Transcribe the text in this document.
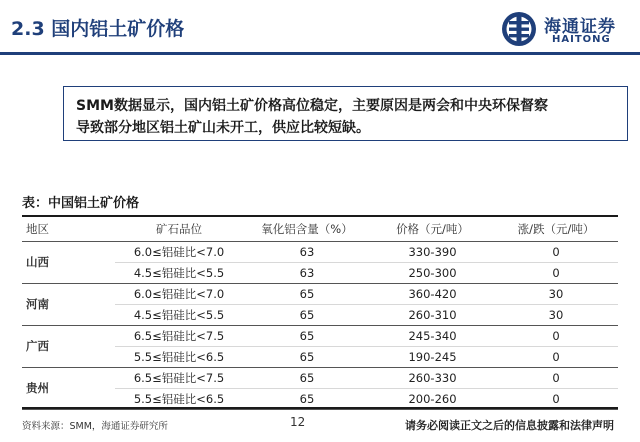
2.3 国内铝土矿价格	海通证券
HAITONG
SMM数据显示，国内铝土矿价格高位稳定，主要原因是两会和中央环保督察
导致部分地区铝土矿山未开工，供应比较短缺。
表：中国铝土矿价格
地区	矿石品位	氧化铝含量（%）	价格（元/吨）	涨/跌（元/吨）
山西	6.0≤铝硅比<7.0	63	330-390	0
	4.5≤铝硅比<5.5	63	250-300	0
河南	6.0≤铝硅比<7.0	65	360-420	30
	4.5≤铝硅比<5.5	65	260-310	30
广西	6.5≤铝硅比<7.5	65	245-340	0
	5.5≤铝硅比<6.5	65	190-245	0
贵州	6.5≤铝硅比<7.5	65	260-330	0
	5.5≤铝硅比<6.5	65	200-260	0
资料来源：SMM，海通证券研究所	12	请务必阅读正文之后的信息披露和法律声明
